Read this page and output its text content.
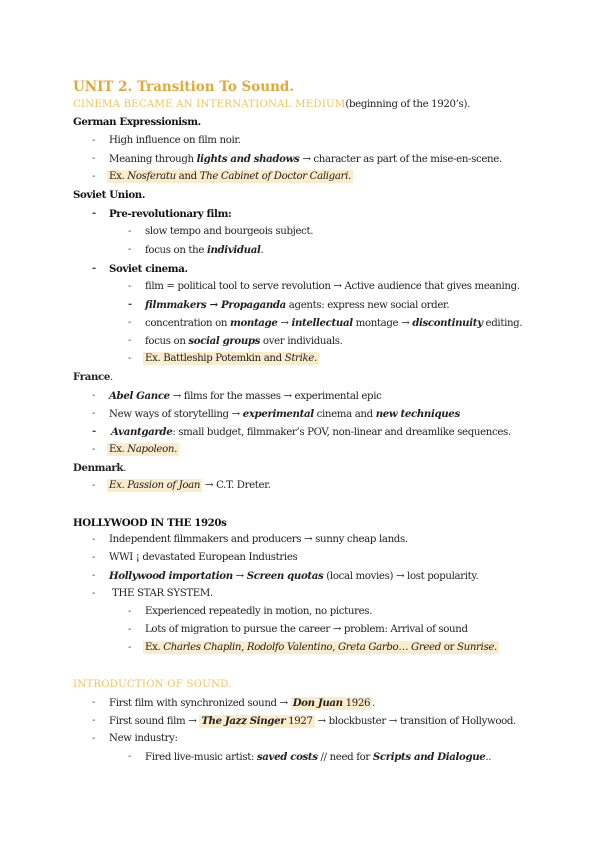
UNIT 2. Transition To Sound.
CINEMA BECAME AN INTERNATIONAL MEDIUM(beginning of the 1920’s).
German Expressionism.
- High influence on film noir.
- Meaning through lights and shadows → character as part of the mise-en-scene.
- Ex. Nosferatu and The Cabinet of Doctor Caligari.
Soviet Union.
- Pre-revolutionary film:
- slow tempo and bourgeois subject.
- focus on the individual.
- Soviet cinema.
- film = political tool to serve revolution → Active audience that gives meaning.
- filmmakers → Propaganda agents: express new social order.
- concentration on montage → intellectual montage → discontinuity editing.
- focus on social groups over individuals.
- Ex. Battleship Potemkin and Strike.
France.
- Abel Gance → films for the masses → experimental epic
- New ways of storytelling → experimental cinema and new techniques
- Avantgarde: small budget, filmmaker’s POV, non-linear and dreamlike sequences.
- Ex. Napoleon.
Denmark.
- Ex. Passion of Joan → C.T. Dreter.
HOLLYWOOD IN THE 1920s
- Independent filmmakers and producers → sunny cheap lands.
- WWI ¡ devastated European Industries
- Hollywood importation → Screen quotas (local movies) → lost popularity.
- THE STAR SYSTEM.
- Experienced repeatedly in motion, no pictures.
- Lots of migration to pursue the career → problem: Arrival of sound
- Ex. Charles Chaplin, Rodolfo Valentino, Greta Garbo… Greed or Sunrise.
INTRODUCTION OF SOUND.
- First film with synchronized sound → Don Juan 1926 .
- First sound film → The Jazz Singer 1927 → blockbuster → transition of Hollywood.
- New industry:
- Fired live-music artist: saved costs // need for Scripts and Dialogue..
